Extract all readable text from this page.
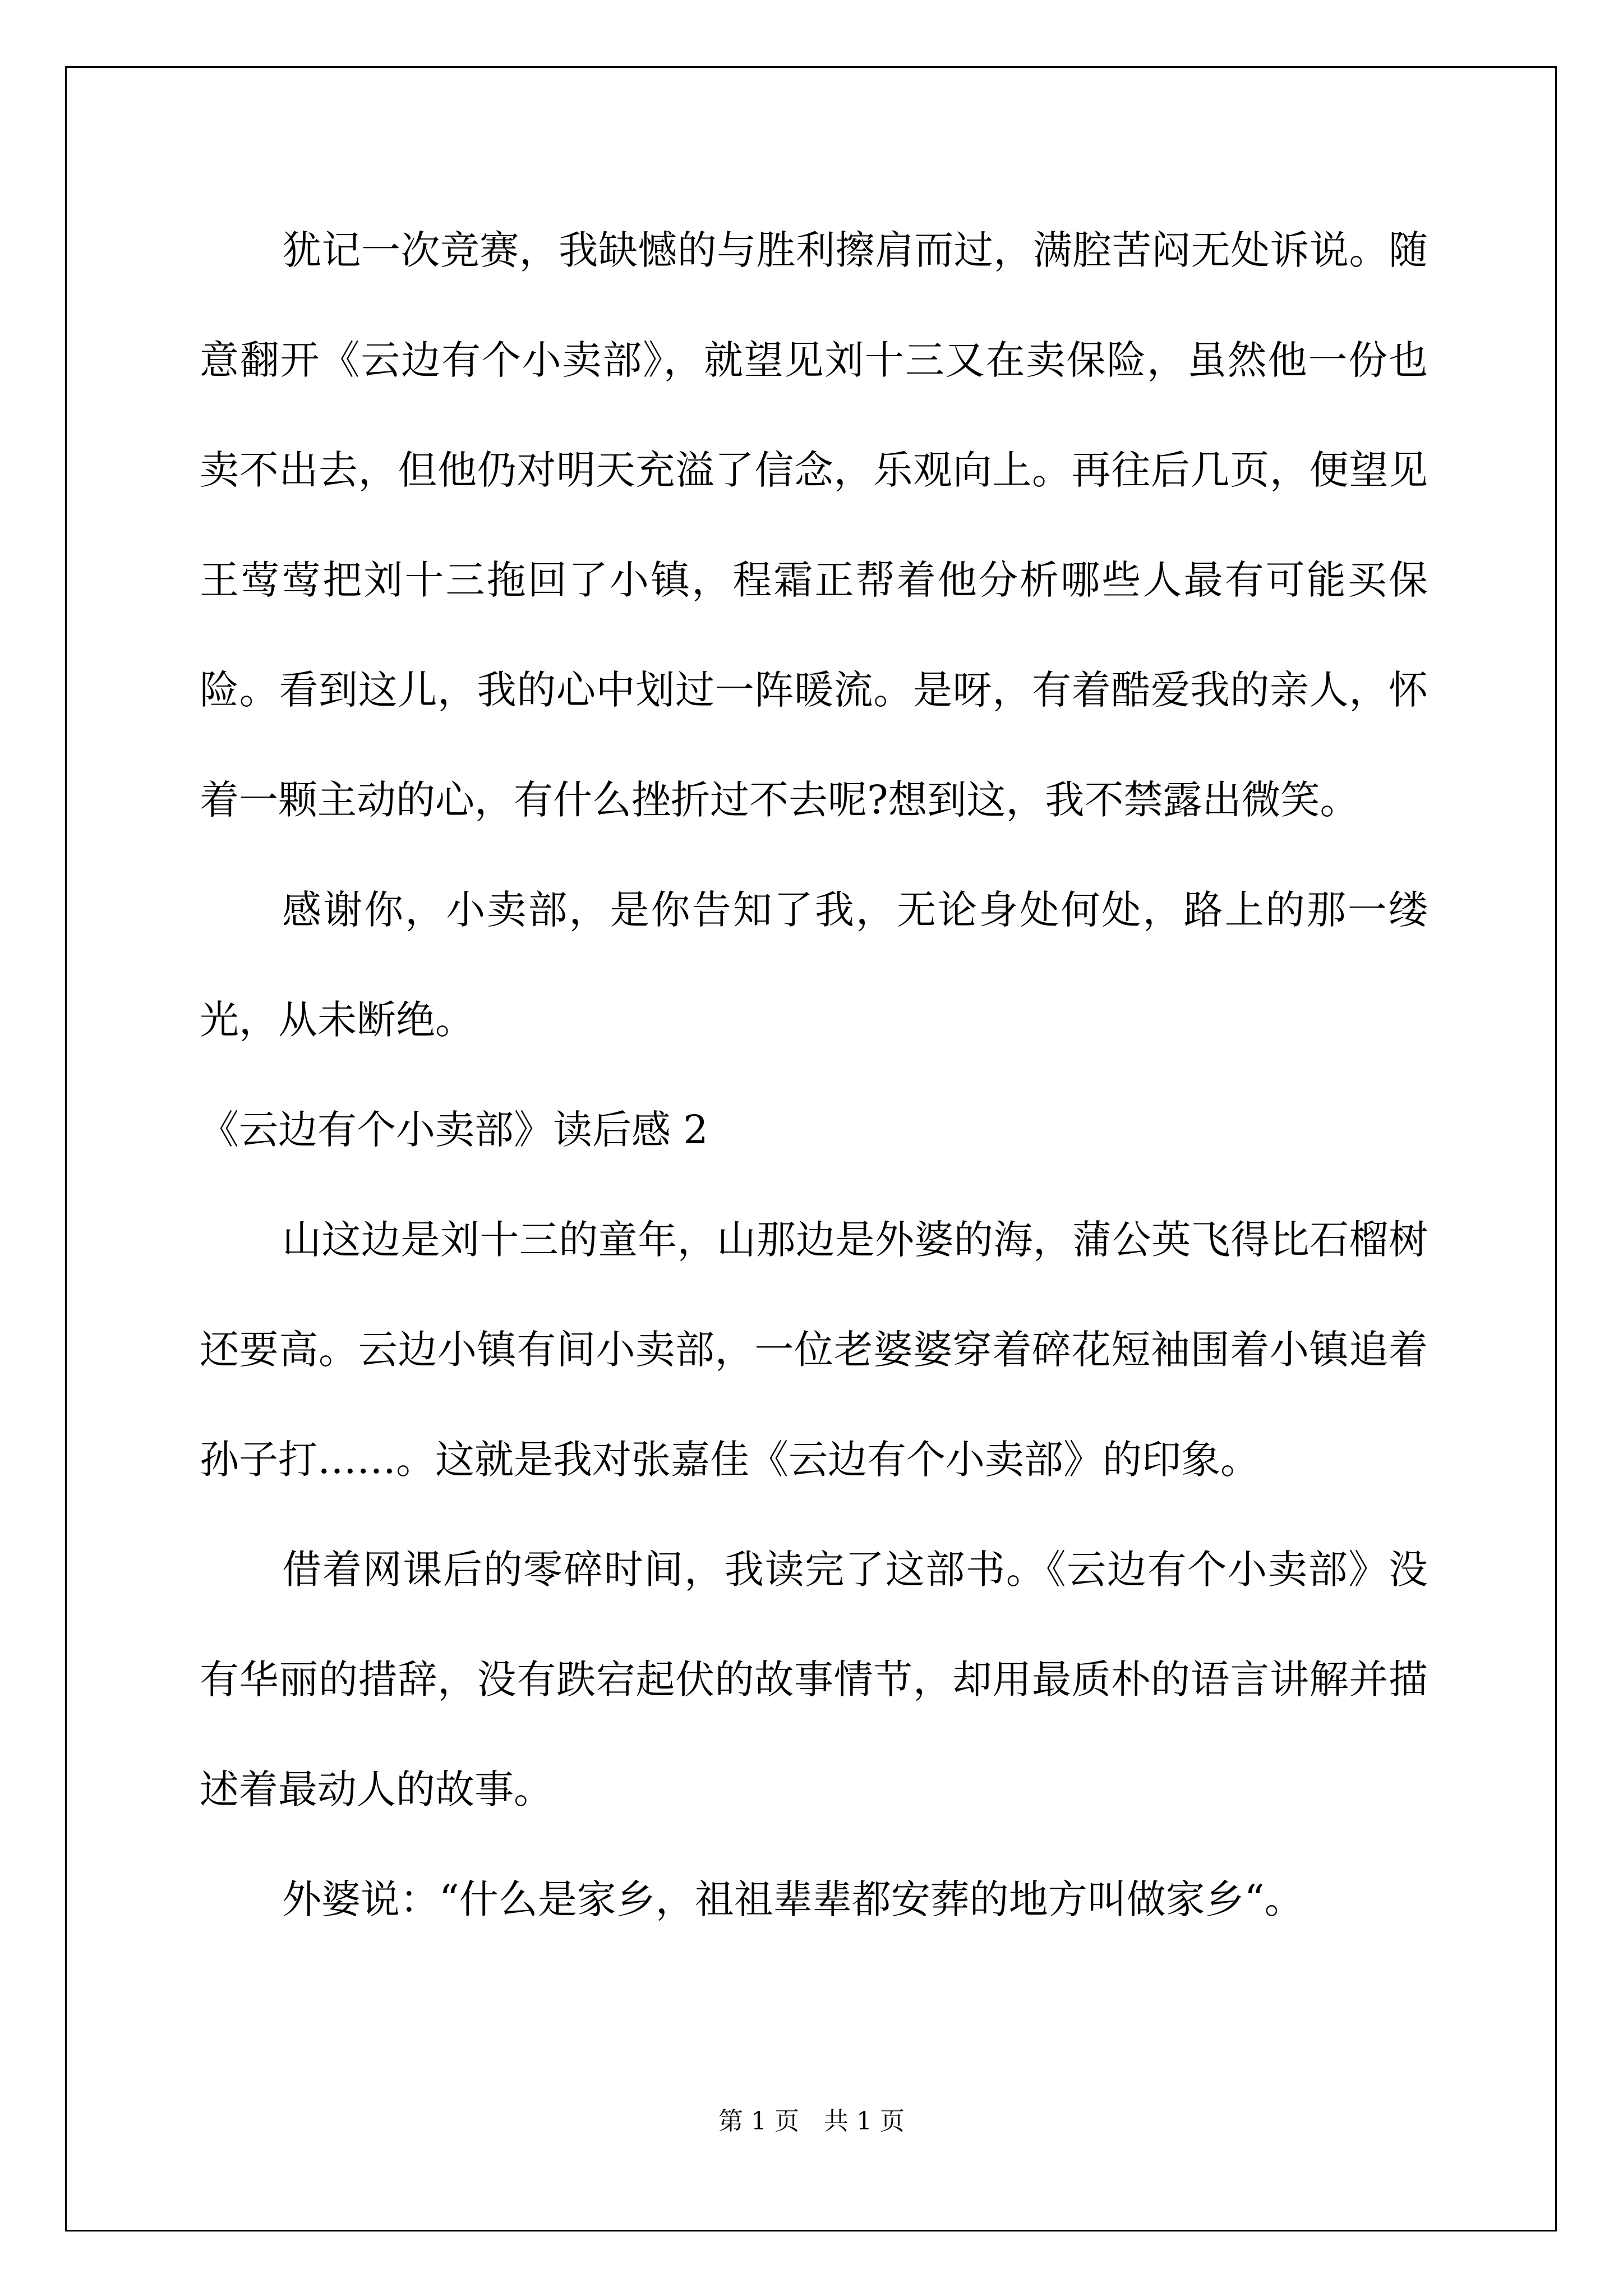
犹记一次竞赛，我缺憾的与胜利擦肩而过，满腔苦闷无处诉说。随意翻开《云边有个小卖部》，就望见刘十三又在卖保险，虽然他一份也卖不出去，但他仍对明天充溢了信念，乐观向上。再往后几页，便望见王莺莺把刘十三拖回了小镇，程霜正帮着他分析哪些人最有可能买保险。看到这儿，我的心中划过一阵暖流。是呀，有着酷爱我的亲人，怀着一颗主动的心，有什么挫折过不去呢?想到这，我不禁露出微笑。

感谢你，小卖部，是你告知了我，无论身处何处，路上的那一缕光，从未断绝。

《云边有个小卖部》读后感 2

山这边是刘十三的童年，山那边是外婆的海，蒲公英飞得比石榴树还要高。云边小镇有间小卖部，一位老婆婆穿着碎花短袖围着小镇追着孙子打……。这就是我对张嘉佳《云边有个小卖部》的印象。

借着网课后的零碎时间，我读完了这部书。《云边有个小卖部》没有华丽的措辞，没有跌宕起伏的故事情节，却用最质朴的语言讲解并描述着最动人的故事。

外婆说：“什么是家乡，祖祖辈辈都安葬的地方叫做家乡“。

第 1 页　共 1 页
